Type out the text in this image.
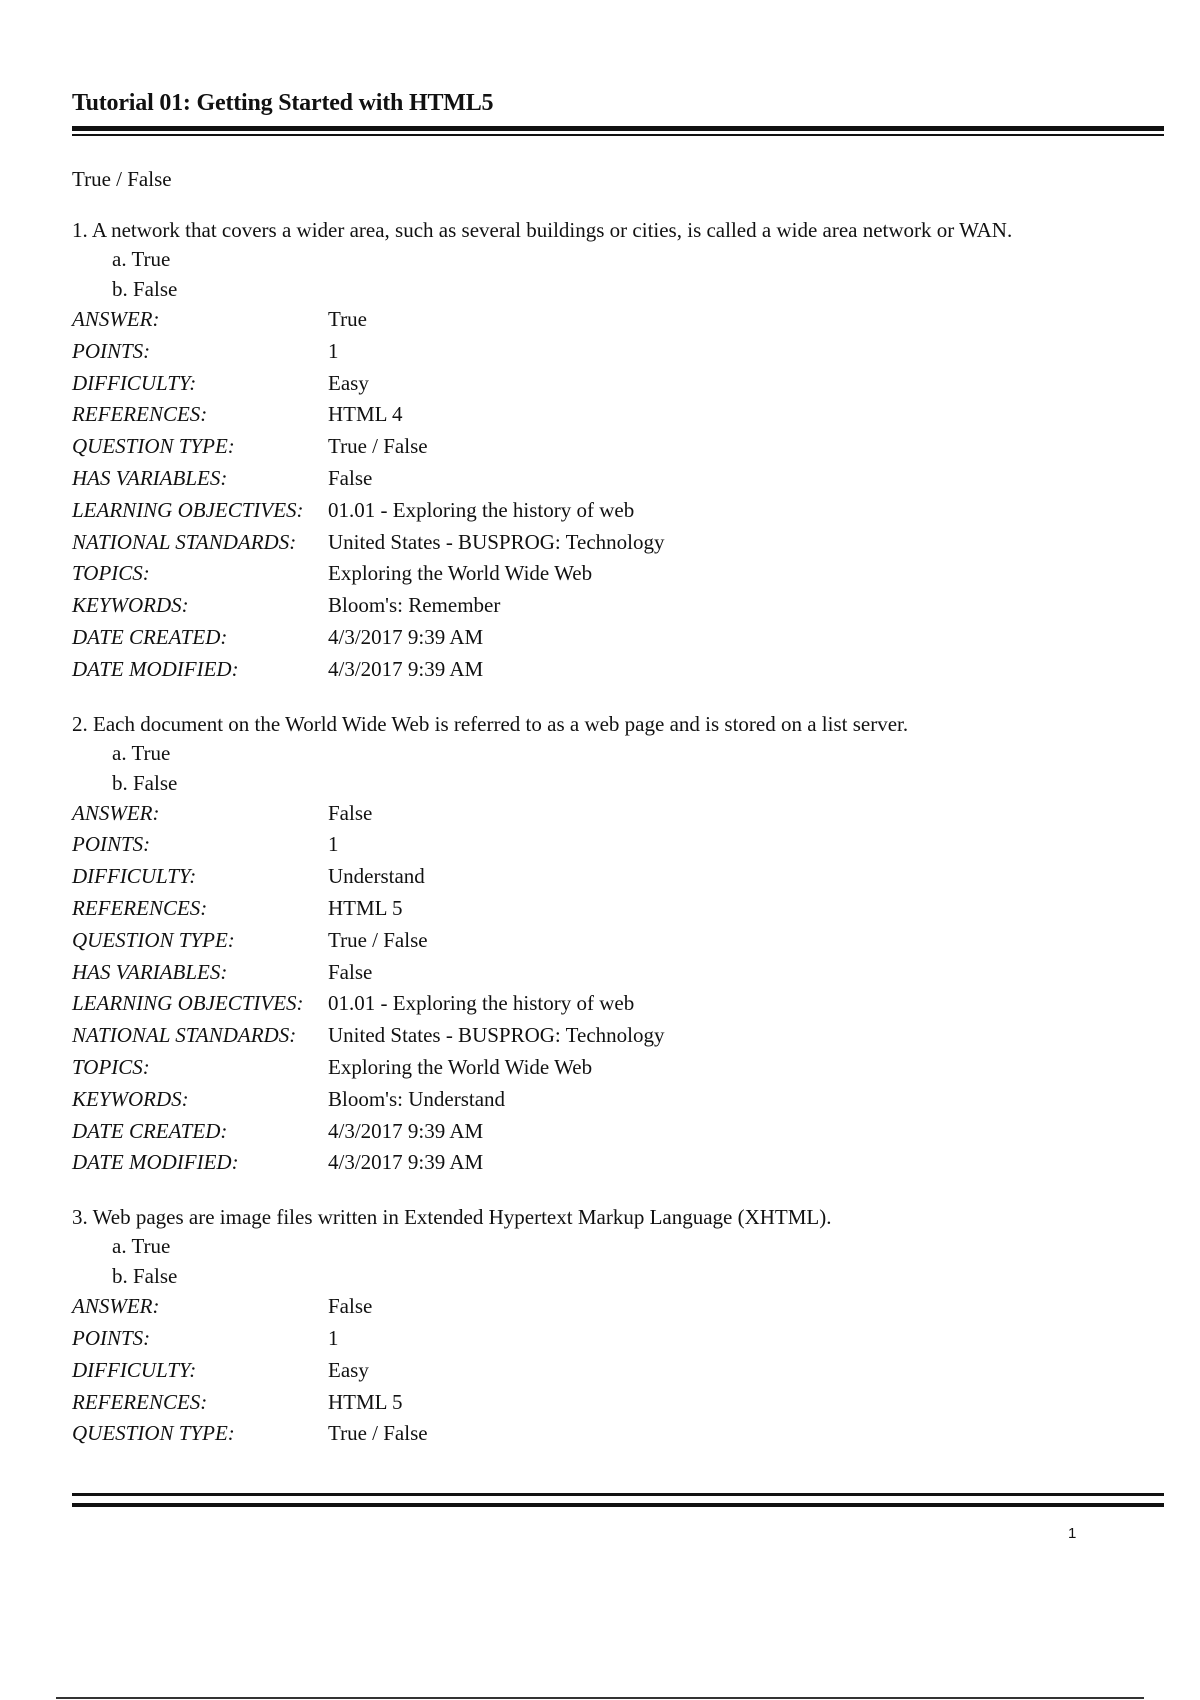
Tutorial 01: Getting Started with HTML5
True / False
1. A network that covers a wider area, such as several buildings or cities, is called a wide area network or WAN.
a. True
b. False
ANSWER:	True
POINTS:	1
DIFFICULTY:	Easy
REFERENCES:	HTML 4
QUESTION TYPE:	True / False
HAS VARIABLES:	False
LEARNING OBJECTIVES:	01.01 - Exploring the history of web
NATIONAL STANDARDS:	United States - BUSPROG: Technology
TOPICS:	Exploring the World Wide Web
KEYWORDS:	Bloom's: Remember
DATE CREATED:	4/3/2017 9:39 AM
DATE MODIFIED:	4/3/2017 9:39 AM
2. Each document on the World Wide Web is referred to as a web page and is stored on a list server.
a. True
b. False
ANSWER:	False
POINTS:	1
DIFFICULTY:	Understand
REFERENCES:	HTML 5
QUESTION TYPE:	True / False
HAS VARIABLES:	False
LEARNING OBJECTIVES:	01.01 - Exploring the history of web
NATIONAL STANDARDS:	United States - BUSPROG: Technology
TOPICS:	Exploring the World Wide Web
KEYWORDS:	Bloom's: Understand
DATE CREATED:	4/3/2017 9:39 AM
DATE MODIFIED:	4/3/2017 9:39 AM
3. Web pages are image files written in Extended Hypertext Markup Language (XHTML).
a. True
b. False
ANSWER:	False
POINTS:	1
DIFFICULTY:	Easy
REFERENCES:	HTML 5
QUESTION TYPE:	True / False
1
